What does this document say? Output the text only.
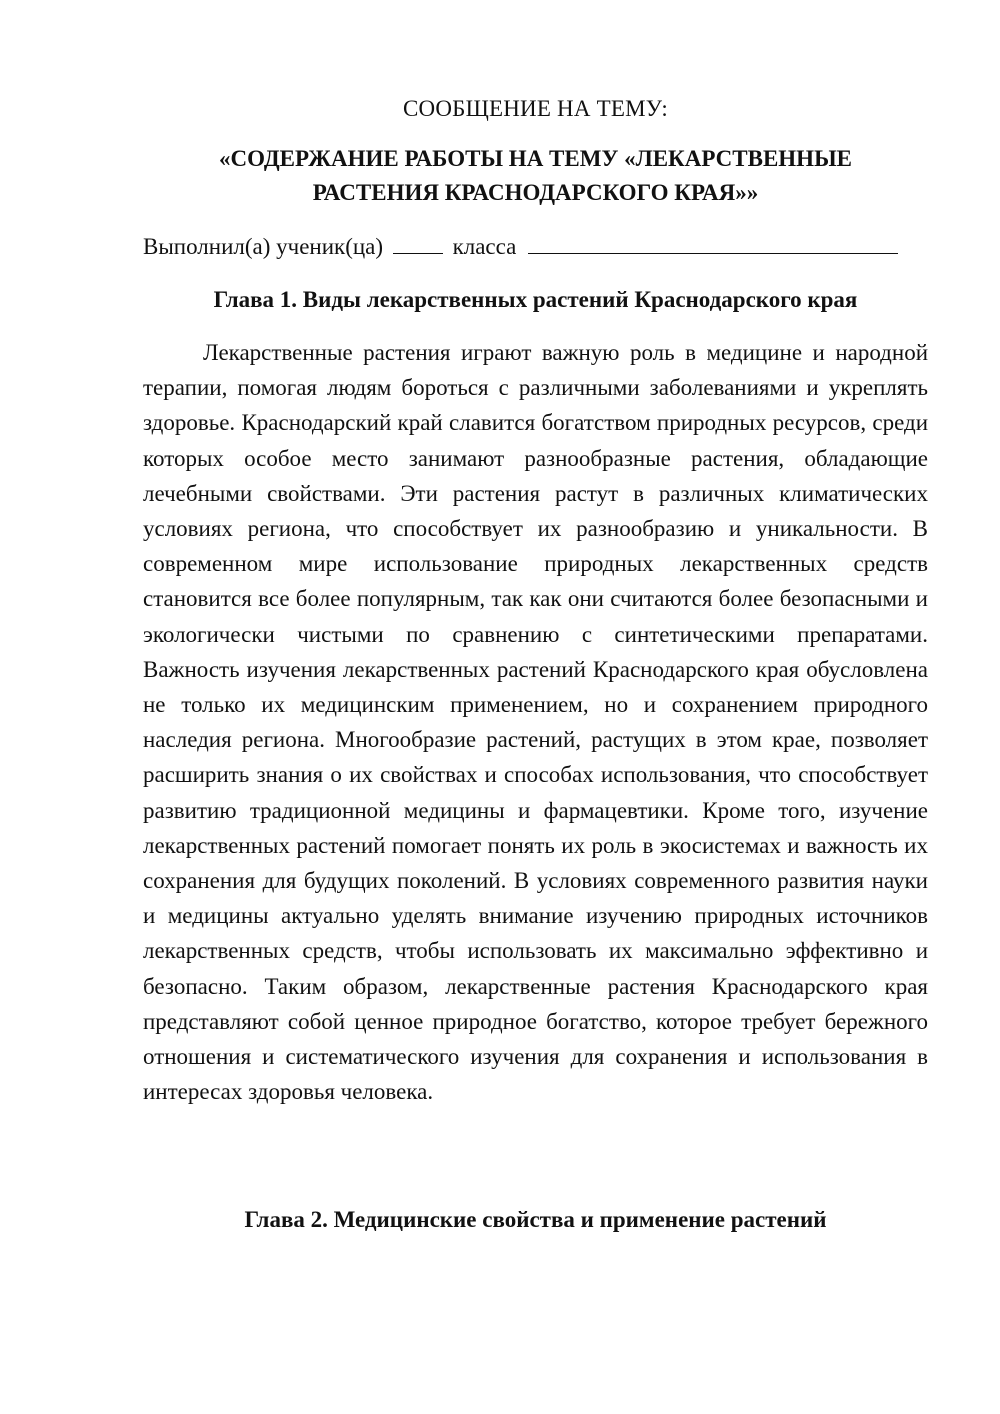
СООБЩЕНИЕ НА ТЕМУ:
«СОДЕРЖАНИЕ РАБОТЫ НА ТЕМУ «ЛЕКАРСТВЕННЫЕ
РАСТЕНИЯ КРАСНОДАРСКОГО КРАЯ»»
Выполнил(а) ученик(ца)	класса
Глава 1. Виды лекарственных растений Краснодарского края

Лекарственные растения играют важную роль в медицине и народной терапии, помогая людям бороться с различными заболеваниями и укреплять здоровье. Краснодарский край славится богатством природных ресурсов, среди которых особое место занимают разнообразные растения, обладающие лечебными свойствами. Эти растения растут в различных климатических условиях региона, что способствует их разнообразию и уникальности. В современном мире использование природных лекарственных средств становится все более популярным, так как они считаются более безопасными и экологически чистыми по сравнению с синтетическими препаратами. Важность изучения лекарственных растений Краснодарского края обусловлена не только их медицинским применением, но и сохранением природного наследия региона. Многообразие растений, растущих в этом крае, позволяет расширить знания о их свойствах и способах использования, что способствует развитию традиционной медицины и фармацевтики. Кроме того, изучение лекарственных растений помогает понять их роль в экосистемах и важность их сохранения для будущих поколений. В условиях современного развития науки и медицины актуально уделять внимание изучению природных источников лекарственных средств, чтобы использовать их максимально эффективно и безопасно. Таким образом, лекарственные растения Краснодарского края представляют собой ценное природное богатство, которое требует бережного отношения и систематического изучения для сохранения и использования в интересах здоровья человека.

Глава 2. Медицинские свойства и применение растений
